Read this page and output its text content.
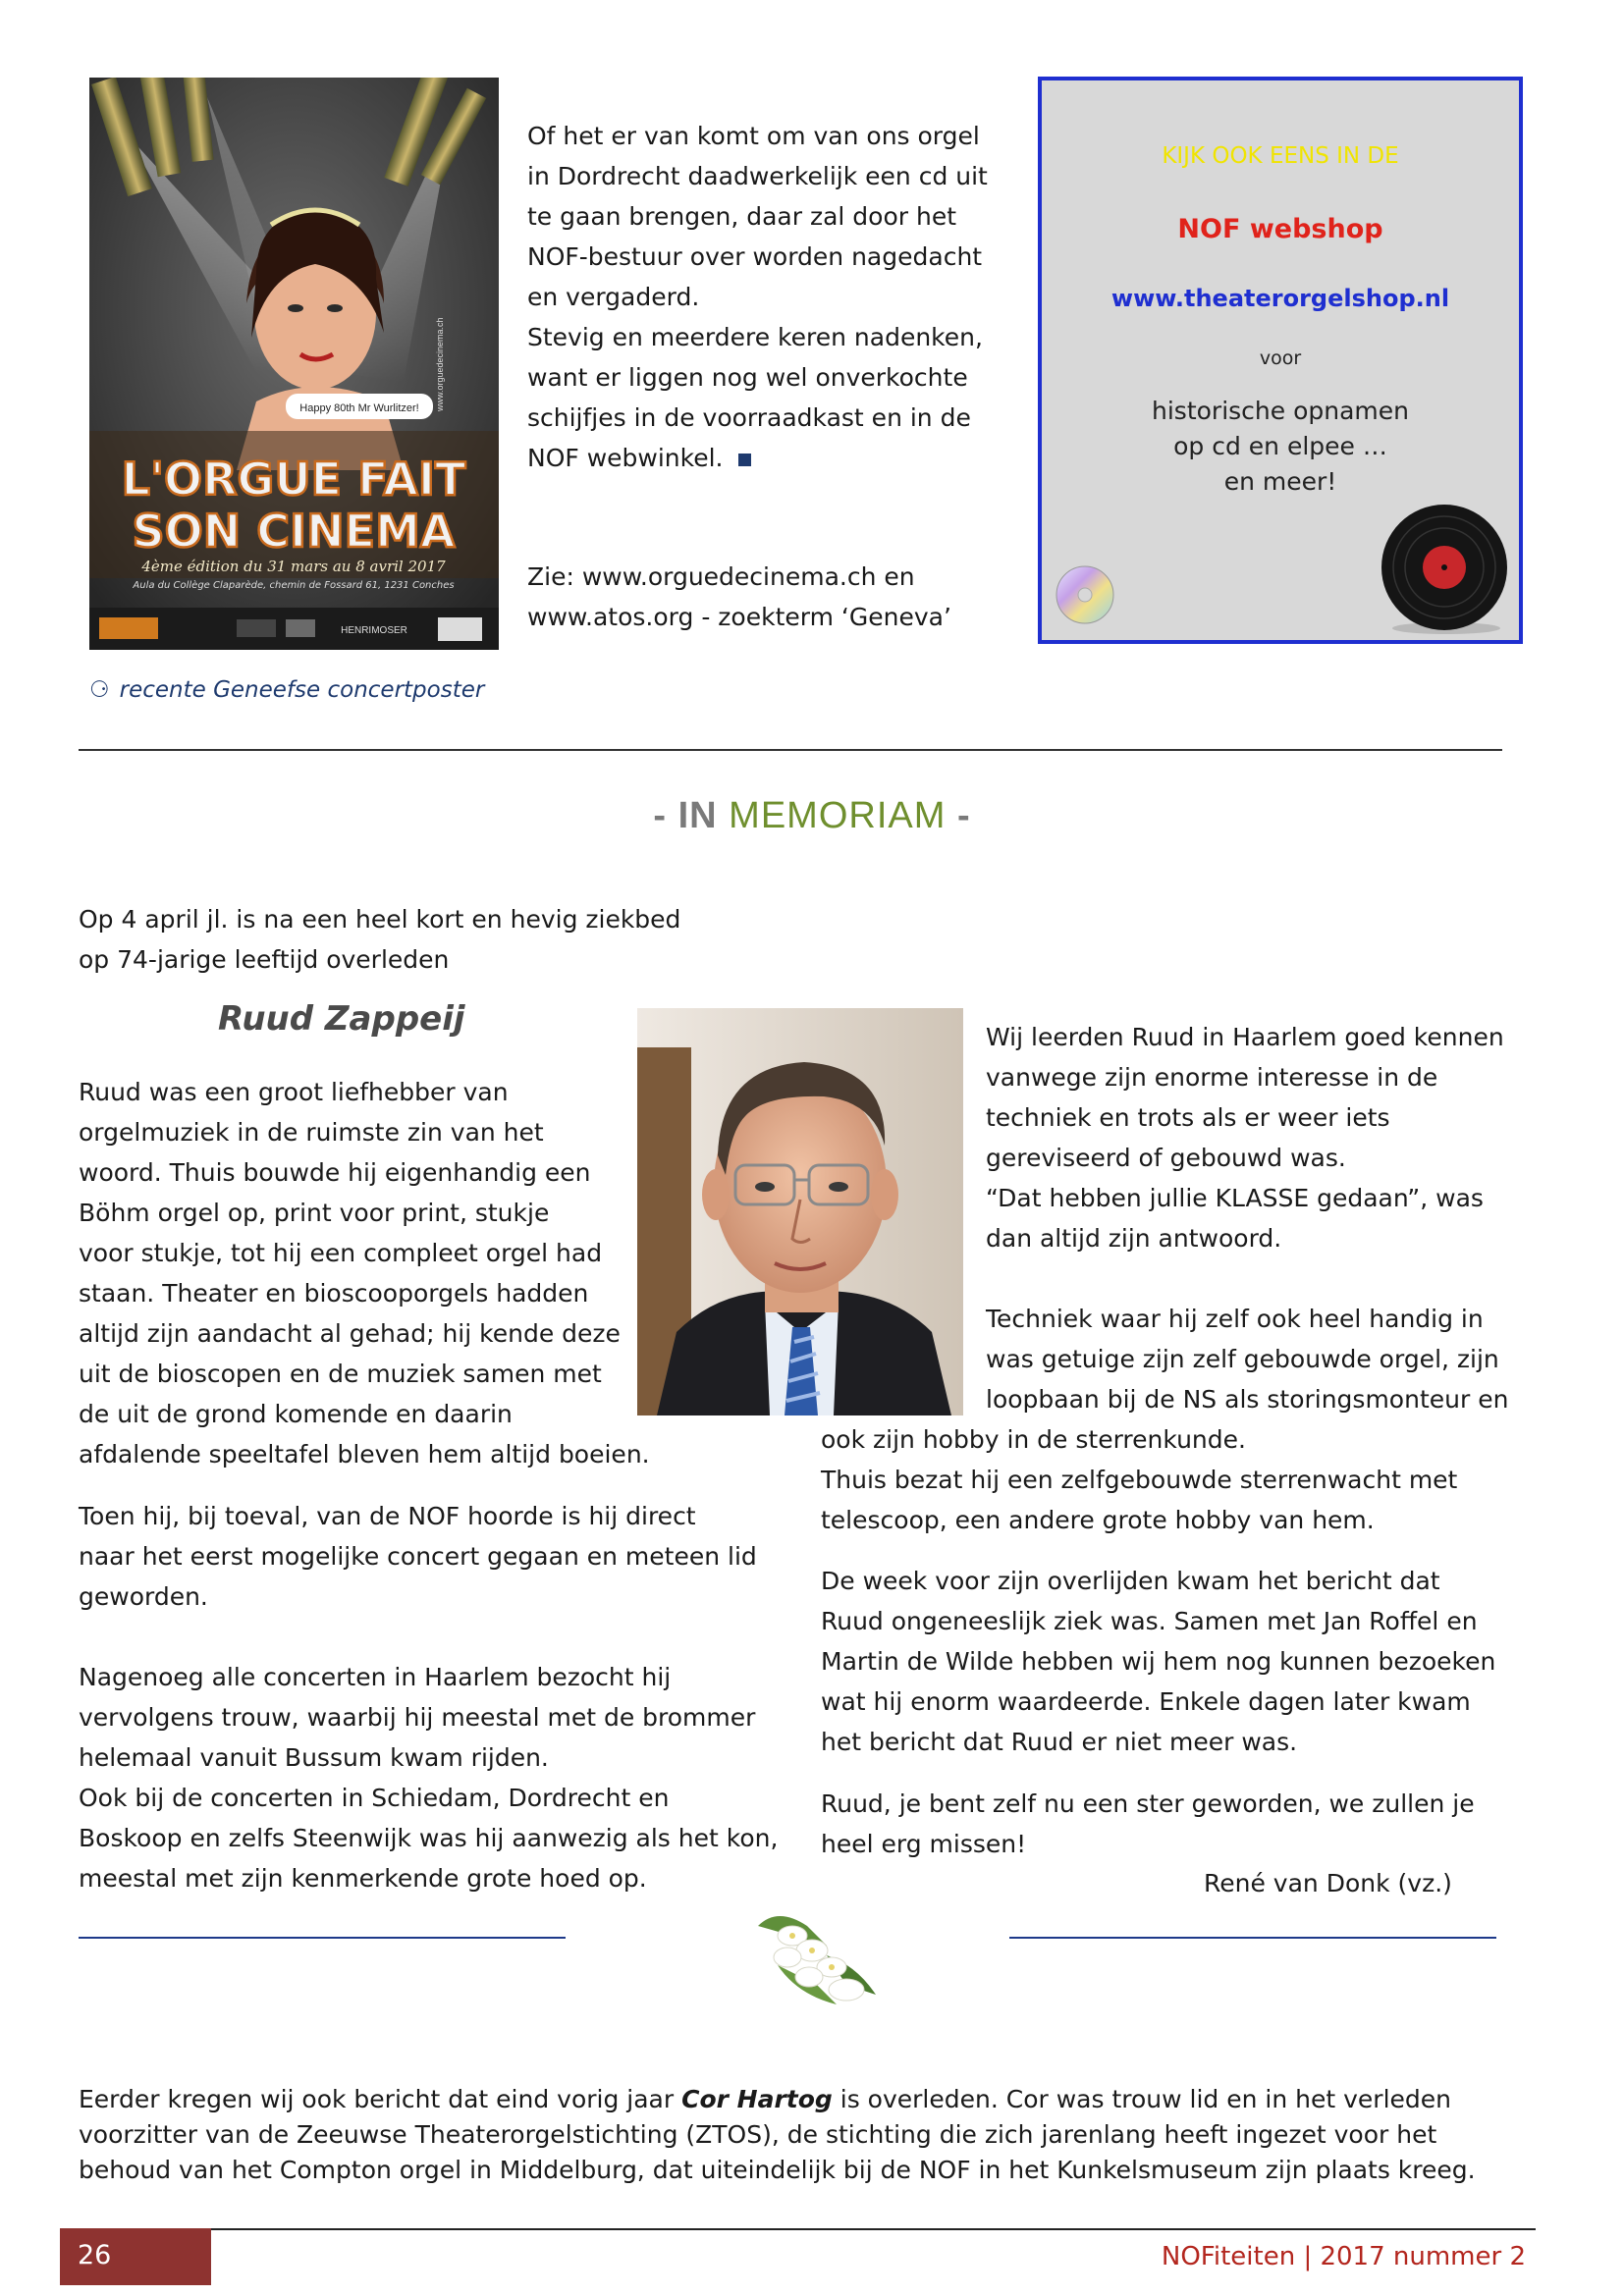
Happy 80th Mr Wurlitzer!
L'ORGUE FAIT
SON CINEMA
4ème édition du 31 mars au 8 avril 2017
Aula du Collège Claparède, chemin de Fossard 61, 1231 Conches
www.orguedecinema.ch
HENRIMOSER
⚆ recente Geneefse concertposter

Of het er van komt om van ons orgel

in Dordrecht daadwerkelijk een cd uit

te gaan brengen, daar zal door het

NOF-bestuur over worden nagedacht

en vergaderd.

Stevig en meerdere keren nadenken,

want er liggen nog wel onverkochte

schijfjes in de voorraadkast en in de

NOF webwinkel.

Zie: www.orguedecinema.ch en

www.atos.org - zoekterm ‘Geneva’

KIJK OOK EENS IN DE
NOF webshop
www.theaterorgelshop.nl
voor
historische opnamen
op cd en elpee …
en meer!
- IN MEMORIAM -

Op 4 april jl. is na een heel kort en hevig ziekbed

op 74-jarige leeftijd overleden

Ruud Zappeij

Ruud was een groot liefhebber van

orgelmuziek in de ruimste zin van het

woord. Thuis bouwde hij eigenhandig een

Böhm orgel op, print voor print, stukje

voor stukje, tot hij een compleet orgel had

staan. Theater en bioscooporgels hadden

altijd zijn aandacht al gehad; hij kende deze

uit de bioscopen en de muziek samen met

de uit de grond komende en daarin

afdalende speeltafel bleven hem altijd boeien.

Toen hij, bij toeval, van de NOF hoorde is hij direct

naar het eerst mogelijke concert gegaan en meteen lid

geworden.

Nagenoeg alle concerten in Haarlem bezocht hij

vervolgens trouw, waarbij hij meestal met de brommer

helemaal vanuit Bussum kwam rijden.

Ook bij de concerten in Schiedam, Dordrecht en

Boskoop en zelfs Steenwijk was hij aanwezig als het kon,

meestal met zijn kenmerkende grote hoed op.

Wij leerden Ruud in Haarlem goed kennen

vanwege zijn enorme interesse in de

techniek en trots als er weer iets

gereviseerd of gebouwd was.

“Dat hebben jullie KLASSE gedaan”, was

dan altijd zijn antwoord.

Techniek waar hij zelf ook heel handig in

was getuige zijn zelf gebouwde orgel, zijn

loopbaan bij de NS als storingsmonteur en

ook zijn hobby in de sterrenkunde.

Thuis bezat hij een zelfgebouwde sterrenwacht met

telescoop, een andere grote hobby van hem.

De week voor zijn overlijden kwam het bericht dat

Ruud ongeneeslijk ziek was. Samen met Jan Roffel en

Martin de Wilde hebben wij hem nog kunnen bezoeken

wat hij enorm waardeerde. Enkele dagen later kwam

het bericht dat Ruud er niet meer was.

Ruud, je bent zelf nu een ster geworden, we zullen je

heel erg missen!

René van Donk (vz.)

Eerder kregen wij ook bericht dat eind vorig jaar Cor Hartog is overleden. Cor was trouw lid en in het verleden

voorzitter van de Zeeuwse Theaterorgelstichting (ZTOS), de stichting die zich jarenlang heeft ingezet voor het

behoud van het Compton orgel in Middelburg, dat uiteindelijk bij de NOF in het Kunkelsmuseum zijn plaats kreeg.

26	NOFiteiten | 2017 nummer 2
